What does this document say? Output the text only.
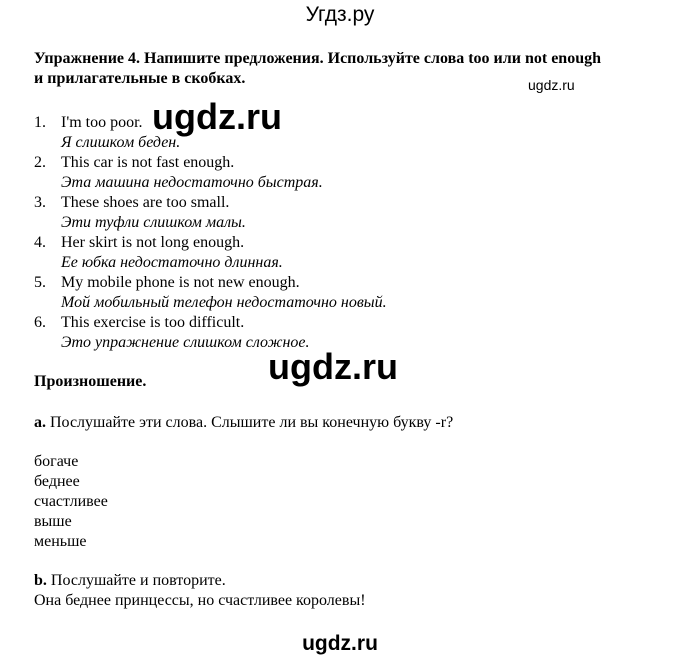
Угдз.ру
Упражнение 4. Напишите предложения. Используйте слова too или not enough и прилагательные в скобках.	ugdz.ru
1. I'm too poor.
Я слишком беден.
2. This car is not fast enough.
Эта машина недостаточно быстрая.
3. These shoes are too small.
Эти туфли слишком малы.
4. Her skirt is not long enough.
Ее юбка недостаточно длинная.
5. My mobile phone is not new enough.
Мой мобильный телефон недостаточно новый.
6. This exercise is too difficult.
Это упражнение слишком сложное.
ugdz.ru
ugdz.ru
Произношение.
a. Послушайте эти слова. Слышите ли вы конечную букву -r?
богаче
беднее
счастливее
выше
меньше
b. Послушайте и повторите.
Она беднее принцессы, но счастливее королевы!
ugdz.ru
